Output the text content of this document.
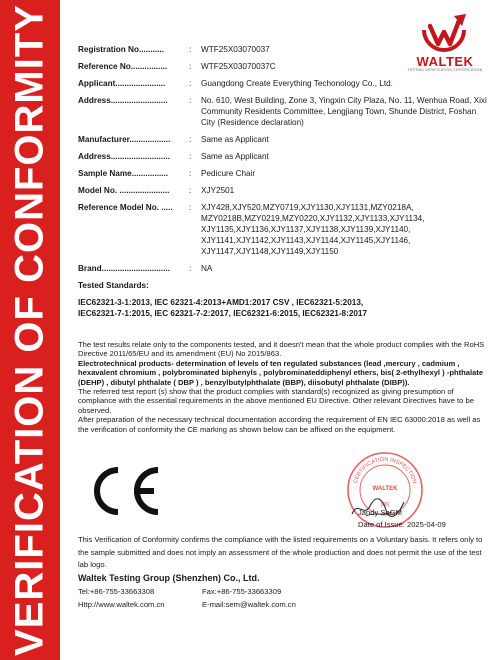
VERIFICATION OF CONFORMITY	WALTEK
TESTING VERIFICATION CERTIFICATION
Registration No...........	:	WTF25X03070037
Reference No................	:	WTF25X03070037C
Applicant......................	:	Guangdong Create Everything Techonology Co., Ltd.
Address.........................	:	No. 610, West Building, Zone 3, Yingxin City Plaza, No. 11, Wenhua Road, Xixi Community Residents Committee, Lengjiang Town, Shunde District, Foshan City (Residence declaration)
Manufacturer..................	:	Same as Applicant
Address..........................	:	Same as Applicant
Sample Name................	:	Pedicure Chair
Model No. ......................	:	XJY2501
Reference Model No. .....	:	XJY428,XJY520,MZY0719,XJY1130,XJY1131,MZY0218A, MZY0218B,MZY0219,MZY0220,XJY1132,XJY1133,XJY1134, XJY1135,XJY1136,XJY1137,XJY1138,XJY1139,XJY1140, XJY1141,XJY1142,XJY1143,XJY1144,XJY1145,XJY1146, XJY1147,XJY1148,XJY1149,XJY1150
Brand..............................	:	NA
Tested Standards:
IEC62321-3-1:2013, IEC 62321-4:2013+AMD1:2017 CSV , IEC62321-5:2013,
IEC62321-7-1:2015, IEC 62321-7-2:2017, IEC62321-6:2015, IEC62321-8:2017
The test results relate only to the components tested, and it doesn't mean that the whole product complies with the RoHS Directive 2011/65/EU and its amendment (EU) No 2015/863.
Electrotechnical products- determination of levels of ten regulated substances (lead ,mercury , cadmium , hexavalent chromium , polybrominated biphenyls , polybrominateddiphenyl ethers, bis( 2-ethylhexyl ) -phthalate (DEHP) , dibutyl phthalate ( DBP ) , benzylbutylphthalate (BBP), diisobutyl phthalate (DIBP)).
The referred test report (s) show that the product complies with standard(s) recognized as giving presumption of compliance with the essential requirements in the above mentioned EU Directive. Other relevant Directives have to be observed.
After preparation of the necessary technical documentation according the requirement of EN IEC 63000:2018 as well as the verification of conformity the CE marking as shown below can be affixed on the equipment.
CE
CERTIFICATION INSPECTION
WALTEK
(06)
Jandy SoGM
Date of Issue: 2025-04-09
This Verification of Conformity confirms the compliance with the listed requirements on a Voluntary basis. It refers only to the sample submitted and does not imply an assessment of the whole production and does not permit the use of the test lab logo.
Waltek Testing Group (Shenzhen) Co., Ltd.
Tel:+86-755-33663308	Fax:+86-755-33663309
Http://www.waltek.com.cn	E-mail:sem@waltek.com.cn
